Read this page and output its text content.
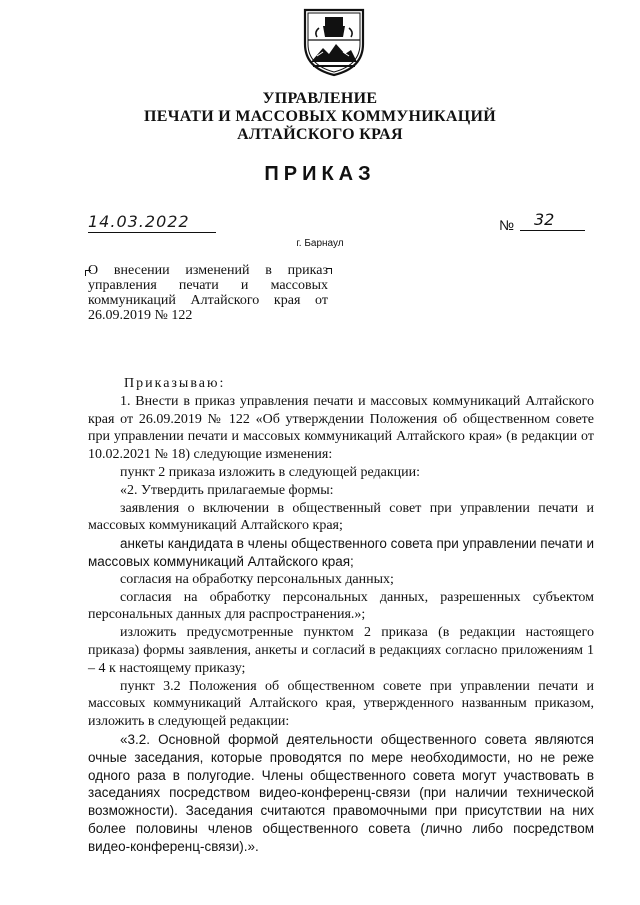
УПРАВЛЕНИЕ
ПЕЧАТИ И МАССОВЫХ КОММУНИКАЦИЙ
АЛТАЙСКОГО КРАЯ
ПРИКАЗ
14.03.2022	№ 32
г. Барнаул
О внесении изменений в приказ управления печати и массовых коммуникаций Алтайского края от 26.09.2019 № 122

Приказываю:

1. Внести в приказ управления печати и массовых коммуникаций Алтайского края от 26.09.2019 № 122 «Об утверждении Положения об общественном совете при управлении печати и массовых коммуникаций Алтайского края» (в редакции от 10.02.2021 № 18) следующие изменения:

пункт 2 приказа изложить в следующей редакции:

«2. Утвердить прилагаемые формы:

заявления о включении в общественный совет при управлении печати и массовых коммуникаций Алтайского края;

анкеты кандидата в члены общественного совета при управлении печати и массовых коммуникаций Алтайского края;

согласия на обработку персональных данных;

согласия на обработку персональных данных, разрешенных субъектом персональных данных для распространения.»;

изложить предусмотренные пунктом 2 приказа (в редакции настоящего приказа) формы заявления, анкеты и согласий в редакциях согласно приложениям 1 – 4 к настоящему приказу;

пункт 3.2 Положения об общественном совете при управлении печати и массовых коммуникаций Алтайского края, утвержденного названным приказом, изложить в следующей редакции:

«3.2. Основной формой деятельности общественного совета являются очные заседания, которые проводятся по мере необходимости, но не реже одного раза в полугодие. Члены общественного совета могут участвовать в заседаниях посредством видео-конференц-связи (при наличии технической возможности). Заседания считаются правомочными при присутствии на них более половины членов общественного совета (лично либо посредством видео-конференц-связи).».
